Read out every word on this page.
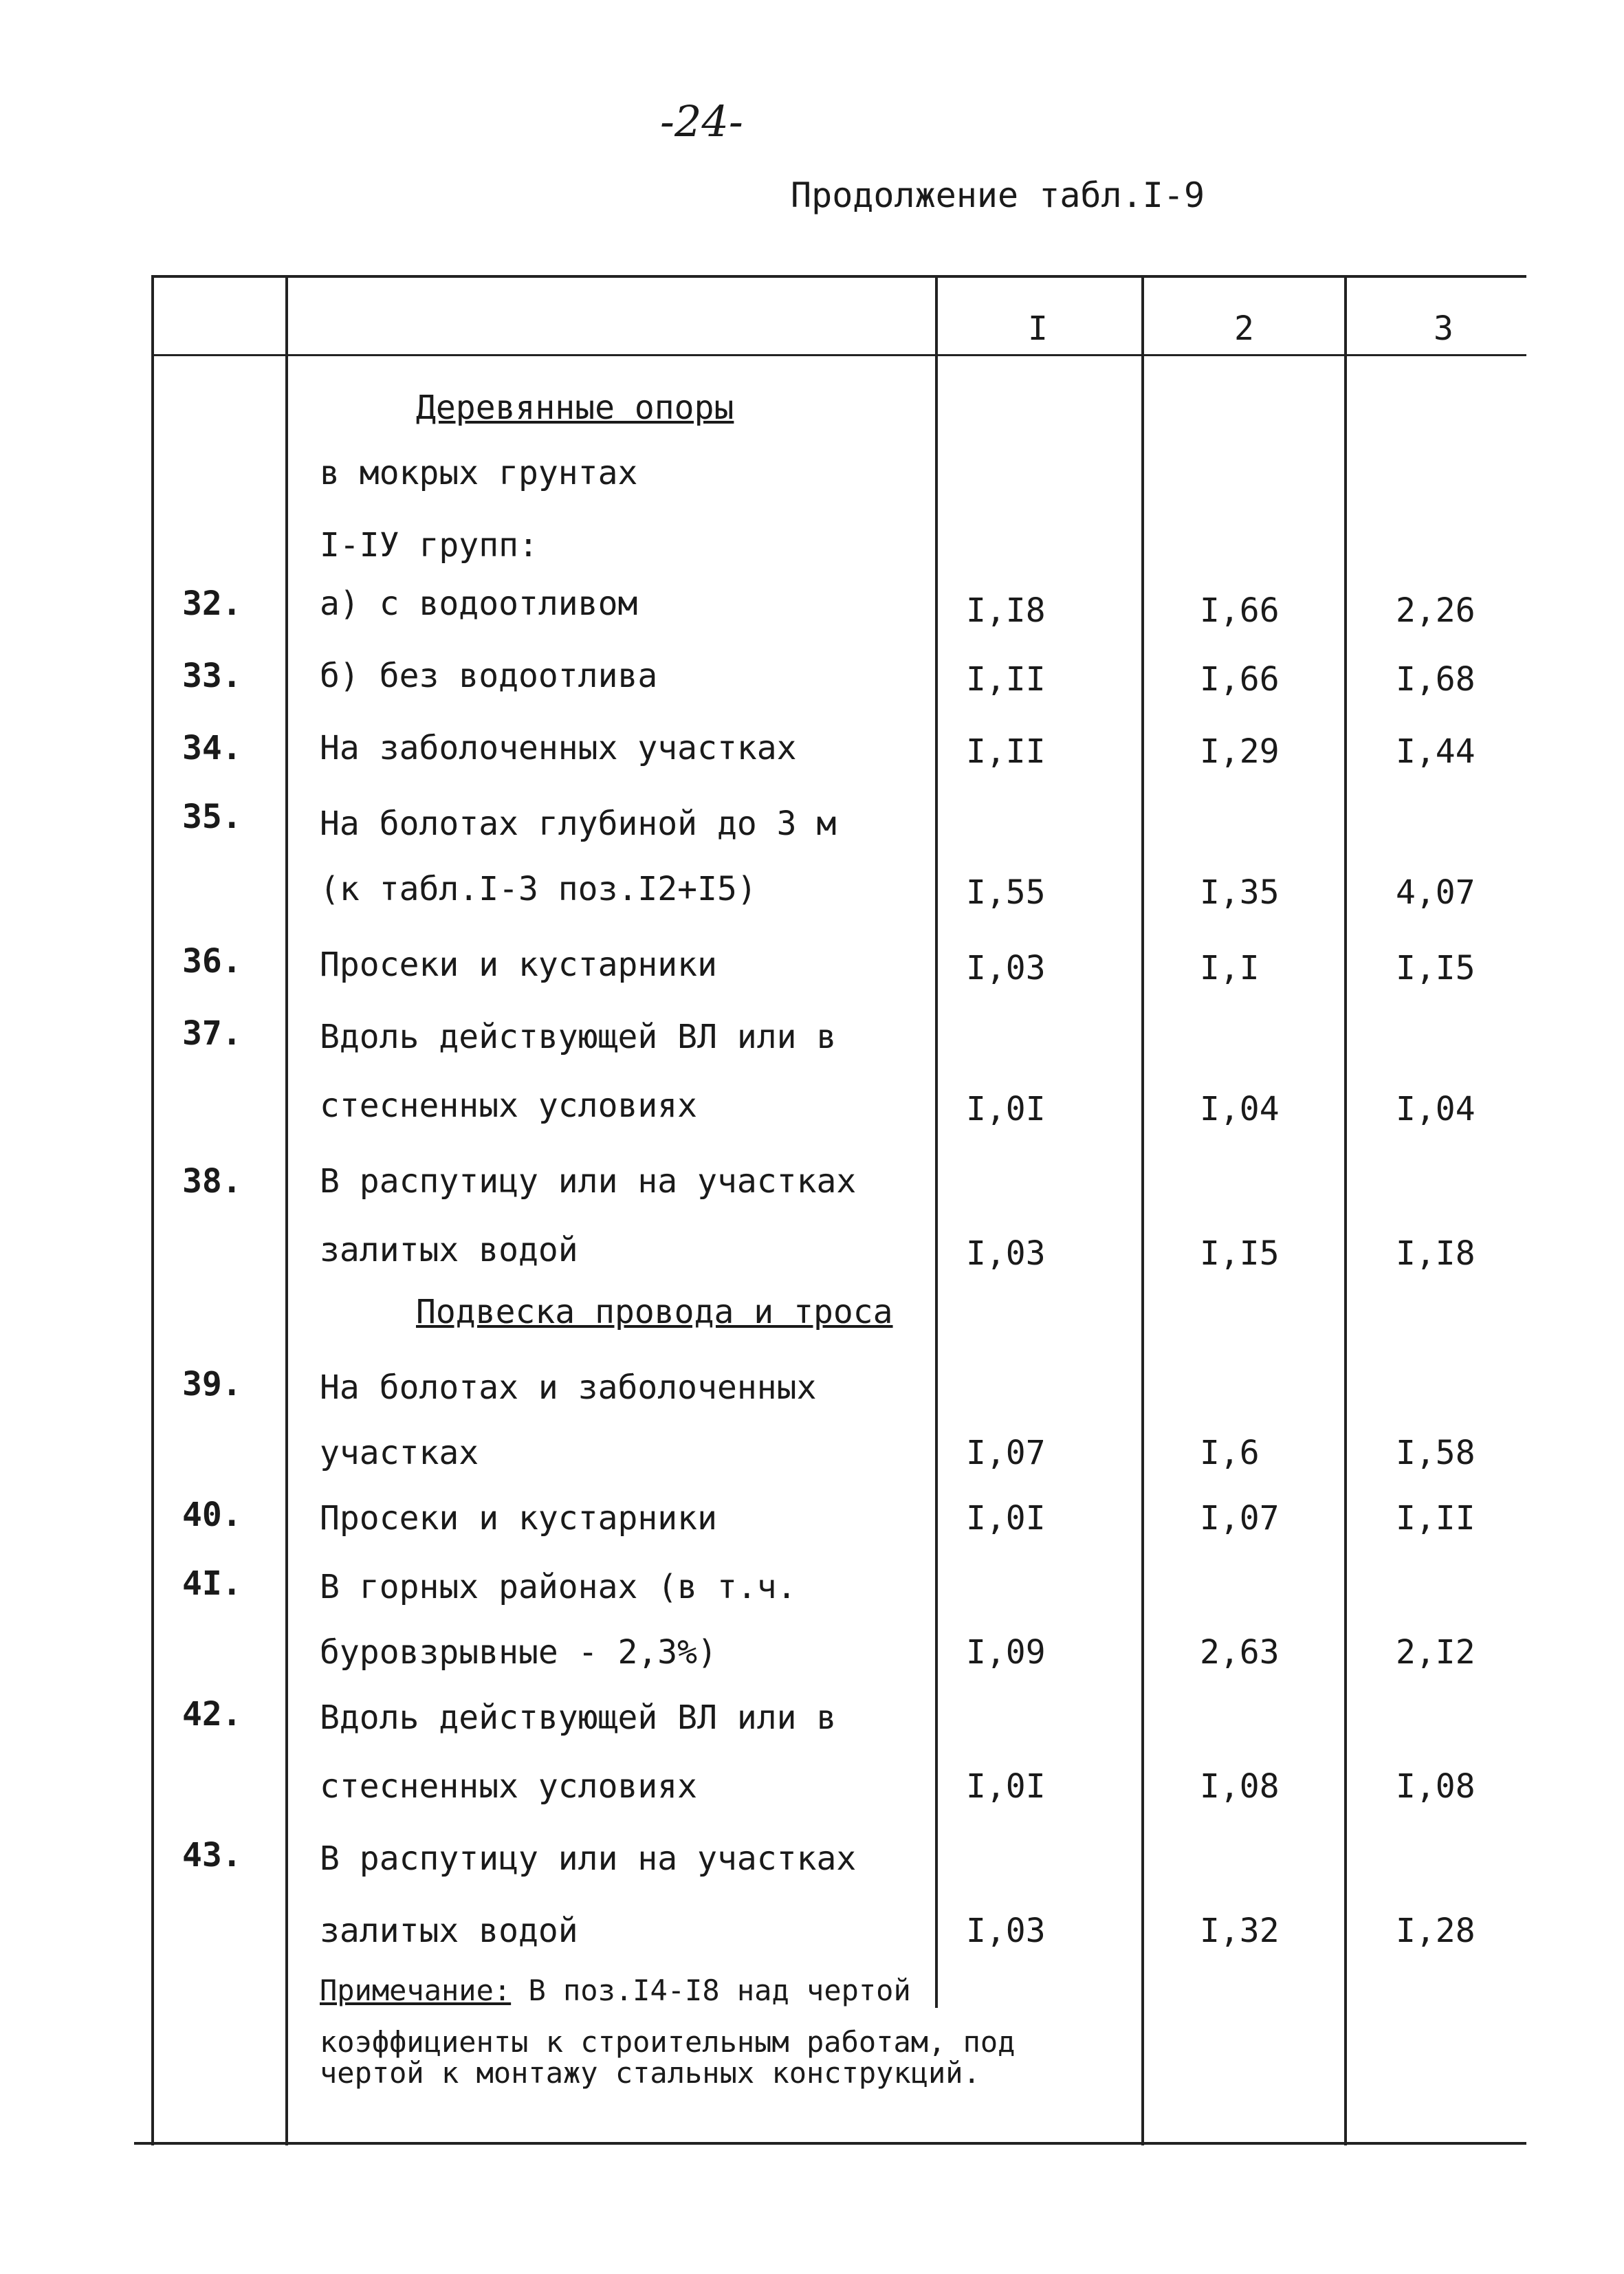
-24-
Продолжение табл.I-9
I	2	3
Деревянные опоры
в мокрых грунтах
I-IУ групп:
32. а) с водоотливом	I,I8	I,66	2,26
33. б) без водоотлива	I,II	I,66	I,68
34. На заболоченных участках	I,II	I,29	I,44
35. На болотах глубиной до 3 м
(к табл.I-3 поз.I2+I5)	I,55	I,35	4,07
36. Просеки и кустарники	I,03	I,I	I,I5
37. Вдоль действующей ВЛ или в
стесненных условиях	I,0I	I,04	I,04
38. В распутицу или на участках
залитых водой	I,03	I,I5	I,I8
Подвеска провода и троса
39. На болотах и заболоченных
участках	I,07	I,6	I,58
40. Просеки и кустарники	I,0I	I,07	I,II
4I. В горных районах (в т.ч.
буровзрывные - 2,3%)	I,09	2,63	2,I2
42. Вдоль действующей ВЛ или в
стесненных условиях	I,0I	I,08	I,08
43. В распутицу или на участках
залитых водой	I,03	I,32	I,28
Примечание: В поз.I4-I8 над чертой
коэффициенты к строительным работам, под
чертой к монтажу стальных конструкций.
